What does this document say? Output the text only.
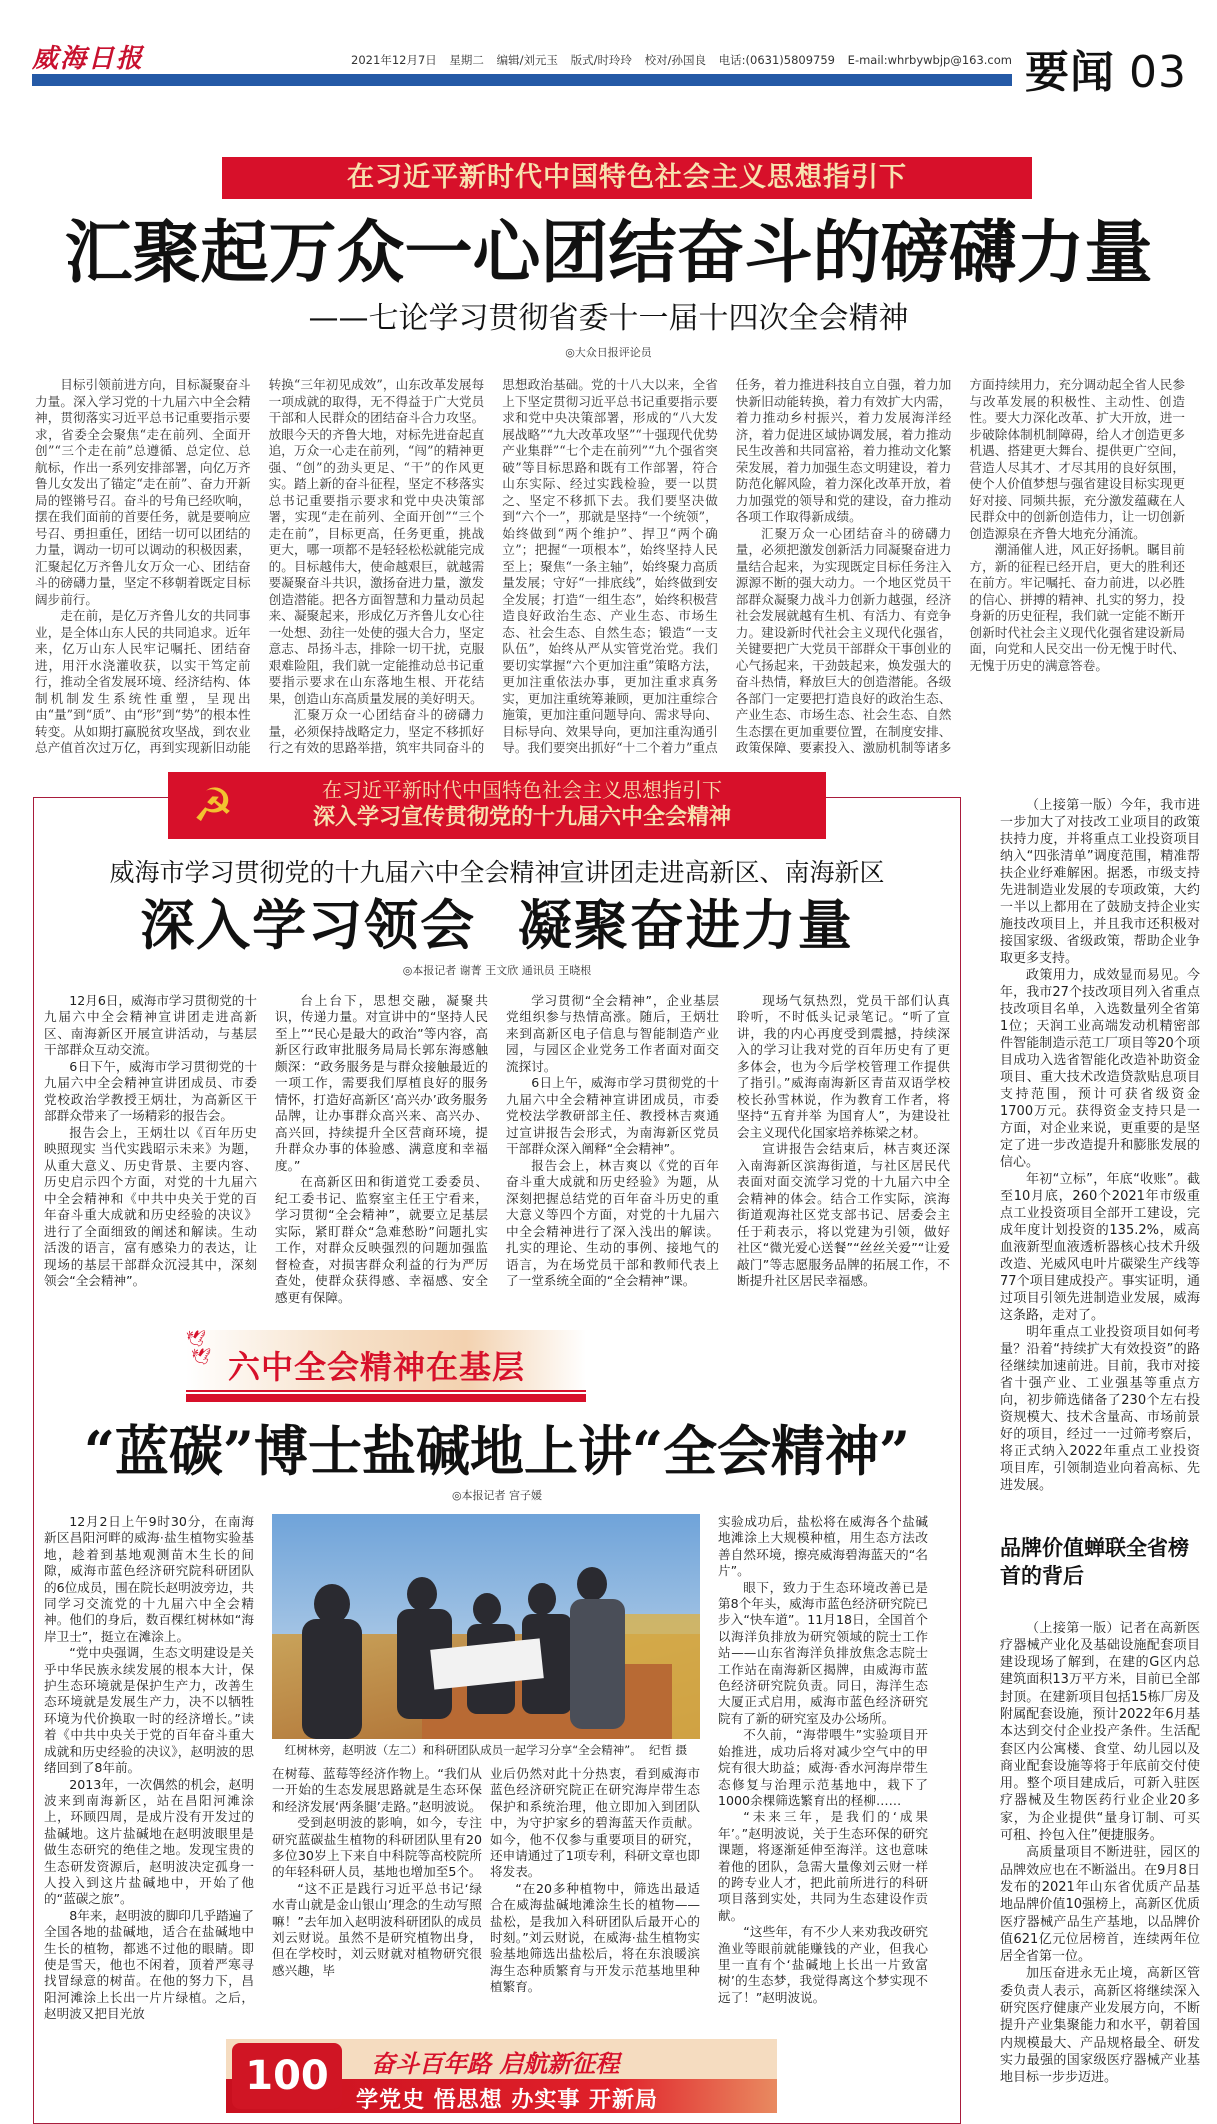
威海日报	2021年12月7日 星期二 编辑/刘元玉 版式/时玲玲 校对/孙国良 电话:(0631)5809759 E-mail:whrbywbjp@163.com 要闻 03
在习近平新时代中国特色社会主义思想指引下
汇聚起万众一心团结奋斗的磅礴力量
——七论学习贯彻省委十一届十四次全会精神
◎大众日报评论员

目标引领前进方向，目标凝聚奋斗力量。深入学习党的十九届六中全会精神，贯彻落实习近平总书记重要指示要求，省委全会聚焦“走在前列、全面开创”“三个走在前”总遵循、总定位、总航标，作出一系列安排部署，向亿万齐鲁儿女发出了锚定“走在前”、奋力开新局的铿锵号召。奋斗的号角已经吹响，摆在我们面前的首要任务，就是要响应号召、勇担重任，团结一切可以团结的力量，调动一切可以调动的积极因素，汇聚起亿万齐鲁儿女万众一心、团结奋斗的磅礴力量，坚定不移朝着既定目标阔步前行。

走在前，是亿万齐鲁儿女的共同事业，是全体山东人民的共同追求。近年来，亿万山东人民牢记嘱托、团结奋进，用汗水浇灌收获，以实干笃定前行，推动全省发展环境、经济结构、体制机制发生系统性重塑，呈现出由“量”到“质”、由“形”到“势”的根本性转变。从如期打赢脱贫攻坚战，到农业总产值首次过万亿，再到实现新旧动能转换“三年初见成效”，山东改革发展每一项成就的取得，无不得益于广大党员干部和人民群众的团结奋斗合力攻坚。放眼今天的齐鲁大地，对标先进奋起直追，万众一心走在前列，“闯”的精神更强、“创”的劲头更足、“干”的作风更实。踏上新的奋斗征程，坚定不移落实总书记重要指示要求和党中央决策部署，实现“走在前列、全面开创”“三个走在前”，目标更高，任务更重，挑战更大，哪一项都不是轻轻松松就能完成的。目标越伟大，使命越艰巨，就越需要凝聚奋斗共识，激扬奋进力量，激发创造潜能。把各方面智慧和力量动员起来、凝聚起来，形成亿万齐鲁儿女心往一处想、劲往一处使的强大合力，坚定意志、昂扬斗志，排除一切干扰，克服艰难险阻，我们就一定能推动总书记重要指示要求在山东落地生根、开花结果，创造山东高质量发展的美好明天。

汇聚万众一心团结奋斗的磅礴力量，必须保持战略定力，坚定不移抓好行之有效的思路举措，筑牢共同奋斗的思想政治基础。党的十八大以来，全省上下坚定贯彻习近平总书记重要指示要求和党中央决策部署，形成的“八大发展战略”“九大改革攻坚”“十强现代优势产业集群”“七个走在前列”“九个强省突破”等目标思路和既有工作部署，符合山东实际、经过实践检验，要一以贯之、坚定不移抓下去。我们要坚决做到“六个一”，那就是坚持“一个统领”，始终做到“两个维护”、捍卫“两个确立”；把握“一项根本”，始终坚持人民至上；聚焦“一条主轴”，始终聚力高质量发展；守好“一排底线”，始终做到安全发展；打造“一组生态”，始终积极营造良好政治生态、产业生态、市场生态、社会生态、自然生态；锻造“一支队伍”，始终从严从实管党治党。我们要切实掌握“六个更加注重”策略方法，更加注重依法办事，更加注重求真务实，更加注重统筹兼顾，更加注重综合施策，更加注重问题导向、需求导向、目标导向、效果导向，更加注重沟通引导。我们要突出抓好“十二个着力”重点任务，着力推进科技自立自强，着力加快新旧动能转换，着力有效扩大内需，着力推动乡村振兴，着力发展海洋经济，着力促进区域协调发展，着力推动民生改善和共同富裕，着力推动文化繁荣发展，着力加强生态文明建设，着力防范化解风险，着力深化改革开放，着力加强党的领导和党的建设，奋力推动各项工作取得新成绩。

汇聚万众一心团结奋斗的磅礴力量，必须把激发创新活力同凝聚奋进力量结合起来，为实现既定目标任务注入源源不断的强大动力。一个地区党员干部群众凝聚力战斗力创新力越强，经济社会发展就越有生机、有活力、有竞争力。建设新时代社会主义现代化强省，关键要把广大党员干部群众干事创业的心气扬起来，干劲鼓起来，焕发强大的奋斗热情，释放巨大的创造潜能。各级各部门一定要把打造良好的政治生态、产业生态、市场生态、社会生态、自然生态摆在更加重要位置，在制度安排、政策保障、要素投入、激励机制等诸多方面持续用力，充分调动起全省人民参与改革发展的积极性、主动性、创造性。要大力深化改革、扩大开放，进一步破除体制机制障碍，给人才创造更多机遇、搭建更大舞台、提供更广空间，营造人尽其才、才尽其用的良好氛围，使个人价值梦想与强省建设目标实现更好对接、同频共振，充分激发蕴藏在人民群众中的创新创造伟力，让一切创新创造源泉在齐鲁大地充分涌流。

潮涌催人进，风正好扬帆。瞩目前方，新的征程已经开启，更大的胜利还在前方。牢记嘱托、奋力前进，以必胜的信心、拼搏的精神、扎实的努力，投身新的历史征程，我们就一定能不断开创新时代社会主义现代化强省建设新局面，向党和人民交出一份无愧于时代、无愧于历史的满意答卷。

☭	在习近平新时代中国特色社会主义思想指引下
深入学习宣传贯彻党的十九届六中全会精神
威海市学习贯彻党的十九届六中全会精神宣讲团走进高新区、南海新区
深入学习领会  凝聚奋进力量
◎本报记者 谢菁 王文欣 通讯员 王晓根

12月6日，威海市学习贯彻党的十九届六中全会精神宣讲团走进高新区、南海新区开展宣讲活动，与基层干部群众互动交流。

6日下午，威海市学习贯彻党的十九届六中全会精神宣讲团成员、市委党校政治学教授王炳壮，为高新区干部群众带来了一场精彩的报告会。

报告会上，王炳壮以《百年历史映照现实 当代实践昭示未来》为题，从重大意义、历史背景、主要内容、历史启示四个方面，对党的十九届六中全会精神和《中共中央关于党的百年奋斗重大成就和历史经验的决议》进行了全面细致的阐述和解读。生动活泼的语言，富有感染力的表达，让现场的基层干部群众沉浸其中，深刻领会“全会精神”。

台上台下，思想交融，凝聚共识，传递力量。对宣讲中的“坚持人民至上”“民心是最大的政治”等内容，高新区行政审批服务局局长郭东海感触颇深：“政务服务是与群众接触最近的一项工作，需要我们厚植良好的服务情怀，打造好高新区‘高兴办’政务服务品牌，让办事群众高兴来、高兴办、高兴回，持续提升全区营商环境，提升群众办事的体验感、满意度和幸福度。”

在高新区田和街道党工委委员、纪工委书记、监察室主任王宁看来，学习贯彻“全会精神”，就要立足基层实际，紧盯群众“急难愁盼”问题扎实工作，对群众反映强烈的问题加强监督检查，对损害群众利益的行为严厉查处，使群众获得感、幸福感、安全感更有保障。

学习贯彻“全会精神”，企业基层党组织参与热情高涨。随后，王炳壮来到高新区电子信息与智能制造产业园，与园区企业党务工作者面对面交流探讨。

6日上午，威海市学习贯彻党的十九届六中全会精神宣讲团成员，市委党校法学教研部主任、教授林吉爽通过宣讲报告会形式，为南海新区党员干部群众深入阐释“全会精神”。

报告会上，林吉爽以《党的百年奋斗重大成就和历史经验》为题，从深刻把握总结党的百年奋斗历史的重大意义等四个方面，对党的十九届六中全会精神进行了深入浅出的解读。扎实的理论、生动的事例、接地气的语言，为在场党员干部和教师代表上了一堂系统全面的“全会精神”课。

现场气氛热烈，党员干部们认真聆听，不时低头记录笔记。“听了宣讲，我的内心再度受到震撼，持续深入的学习让我对党的百年历史有了更多体会，也为今后学校管理工作提供了指引。”威海南海新区青苗双语学校校长孙雪林说，作为教育工作者，将坚持“五育并举 为国育人”，为建设社会主义现代化国家培养栋梁之材。

宣讲报告会结束后，林吉爽还深入南海新区滨海街道，与社区居民代表面对面交流学习党的十九届六中全会精神的体会。结合工作实际，滨海街道观海社区党支部书记、居委会主任于莉表示，将以党建为引领，做好社区“微光爱心送餐”“丝丝关爱”“让爱敲门”等志愿服务品牌的拓展工作，不断提升社区居民幸福感。

🕊
🕊 六中全会精神在基层
“蓝碳”博士盐碱地上讲“全会精神”
◎本报记者 宫子媛

12月2日上午9时30分，在南海新区昌阳河畔的威海·盐生植物实验基地，趁着到基地观测苗木生长的间隙，威海市蓝色经济研究院科研团队的6位成员，围在院长赵明波旁边，共同学习交流党的十九届六中全会精神。他们的身后，数百棵红树林如“海岸卫士”，挺立在滩涂上。

“党中央强调，生态文明建设是关乎中华民族永续发展的根本大计，保护生态环境就是保护生产力，改善生态环境就是发展生产力，决不以牺牲环境为代价换取一时的经济增长。”读着《中共中央关于党的百年奋斗重大成就和历史经验的决议》，赵明波的思绪回到了8年前。

2013年，一次偶然的机会，赵明波来到南海新区，站在昌阳河滩涂上，环顾四周，是成片没有开发过的盐碱地。这片盐碱地在赵明波眼里是做生态研究的绝佳之地。发现宝贵的生态研发资源后，赵明波决定孤身一人投入到这片盐碱地中，开始了他的“蓝碳之旅”。

8年来，赵明波的脚印几乎踏遍了全国各地的盐碱地，适合在盐碱地中生长的植物，都逃不过他的眼睛。即使是雪天，他也不闲着，顶着严寒寻找冒绿意的树苗。在他的努力下，昌阳河滩涂上长出一片片绿植。之后，赵明波又把目光放

红树林旁，赵明波（左二）和科研团队成员一起学习分享“全会精神”。  纪哲 摄

在树莓、蓝莓等经济作物上。“我们从一开始的生态发展思路就是生态环保和经济发展‘两条腿’走路。”赵明波说。

受到赵明波的影响，如今，专注研究蓝碳盐生植物的科研团队里有20多位30岁上下来自中科院等高校院所的年轻科研人员，基地也增加至5个。

“这不正是践行习近平总书记‘绿水青山就是金山银山’理念的生动写照嘛！”去年加入赵明波科研团队的成员刘云财说。虽然不是研究植物出身，但在学校时，刘云财就对植物研究很感兴趣，毕

业后仍然对此十分热衷，看到威海市蓝色经济研究院正在研究海岸带生态保护和系统治理，他立即加入到团队中，为守护家乡的碧海蓝天作贡献。如今，他不仅参与重要项目的研究，还申请通过了1项专利，科研文章也即将发表。

“在20多种植物中，筛选出最适合在威海盐碱地滩涂生长的植物——盐松，是我加入科研团队后最开心的时刻。”刘云财说，在威海·盐生植物实验基地筛选出盐松后，将在东浪暖滨海生态种质繁育与开发示范基地里种植繁育。

实验成功后，盐松将在威海各个盐碱地滩涂上大规模种植，用生态方法改善自然环境，擦亮威海碧海蓝天的“名片”。

眼下，致力于生态环境改善已是第8个年头，威海市蓝色经济研究院已步入“快车道”。11月18日，全国首个以海洋负排放为研究领域的院士工作站——山东省海洋负排放焦念志院士工作站在南海新区揭牌，由威海市蓝色经济研究院负责。同日，海洋生态大厦正式启用，威海市蓝色经济研究院有了新的研究室及办公场所。

不久前，“海带喂牛”实验项目开始推进，成功后将对减少空气中的甲烷有很大助益；威海·香水河海岸带生态修复与治理示范基地中，栽下了1000余棵筛选繁育出的柽柳……

“未来三年，是我们的‘成果年’。”赵明波说，关于生态环保的研究课题，将逐渐延伸至海洋。这也意味着他的团队，急需大量像刘云财一样的跨专业人才，把此前所进行的科研项目落到实处，共同为生态建设作贡献。

“这些年，有不少人来劝我改研究渔业等眼前就能赚钱的产业，但我心里一直有个‘盐碱地上长出一片致富树’的生态梦，我觉得离这个梦实现不远了！”赵明波说。

100	奋斗百年路 启航新征程
学党史 悟思想 办实事 开新局

（上接第一版）今年，我市进一步加大了对技改工业项目的政策扶持力度，并将重点工业投资项目纳入“四张清单”调度范围，精准帮扶企业纾难解困。据悉，市级支持先进制造业发展的专项政策，大约一半以上都用在了鼓励支持企业实施技改项目上，并且我市还积极对接国家级、省级政策，帮助企业争取更多支持。

政策用力，成效显而易见。今年，我市27个技改项目列入省重点技改项目名单，入选数量列全省第1位；天润工业高端发动机精密部件智能制造示范工厂项目等20个项目成功入选省智能化改造补助资金项目、重大技术改造贷款贴息项目支持范围，预计可获省级资金1700万元。获得资金支持只是一方面，对企业来说，更重要的是坚定了进一步改造提升和膨胀发展的信心。

年初“立标”，年底“收账”。截至10月底，260个2021年市级重点工业投资项目全部开工建设，完成年度计划投资的135.2%，威高血液新型血液透析器核心技术升级改造、光威风电叶片碳梁生产线等77个项目建成投产。事实证明，通过项目引领先进制造业发展，威海这条路，走对了。

明年重点工业投资项目如何考量？沿着“持续扩大有效投资”的路径继续加速前进。目前，我市对接省十强产业、工业强基等重点方向，初步筛选储备了230个左右投资规模大、技术含量高、市场前景好的项目，经过一一过筛考察后，将正式纳入2022年重点工业投资项目库，引领制造业向着高标、先进发展。

品牌价值蝉联全省榜首的背后

（上接第一版）记者在高新医疗器械产业化及基础设施配套项目建设现场了解到，在建的G区内总建筑面积13万平方米，目前已全部封顶。在建新项目包括15栋厂房及附属配套设施，预计2022年6月基本达到交付企业投产条件。生活配套区内公寓楼、食堂、幼儿园以及商业配套设施等将于年底前交付使用。整个项目建成后，可新入驻医疗器械及生物医药行业企业20多家，为企业提供“量身订制、可买可租、拎包入住”便捷服务。

高质量项目不断进驻，园区的品牌效应也在不断溢出。在9月8日发布的2021年山东省优质产品基地品牌价值10强榜上，高新区优质医疗器械产品生产基地，以品牌价值621亿元位居榜首，连续两年位居全省第一位。

加压奋进永无止境，高新区管委负责人表示，高新区将继续深入研究医疗健康产业发展方向，不断提升产业集聚能力和水平，朝着国内规模最大、产品规格最全、研发实力最强的国家级医疗器械产业基地目标一步步迈进。
